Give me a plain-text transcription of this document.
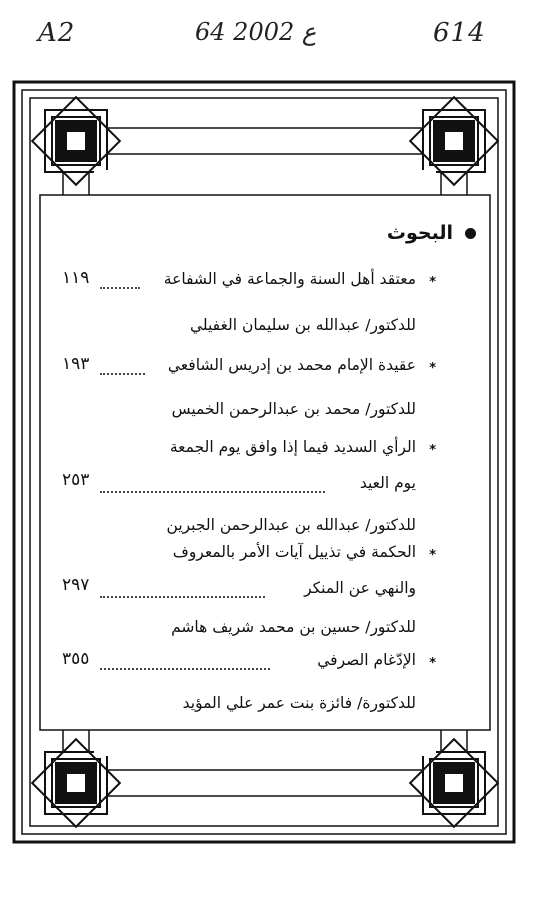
A2	64 ع 2002	614
البحوث
*
معتقد أهل السنة والجماعة في الشفاعة
١١٩
للدكتور/ عبدالله بن سليمان الغفيلي
*
عقيدة الإمام محمد بن إدريس الشافعي
١٩٣
للدكتور/ محمد بن عبدالرحمن الخميس
*
الرأي السديد فيما إذا وافق يوم الجمعة
يوم العيد
٢٥٣
للدكتور/ عبدالله بن عبدالرحمن الجبرين
*
الحكمة في تذييل آيات الأمر بالمعروف
والنهي عن المنكر
٢٩٧
للدكتور/ حسين بن محمد شريف هاشم
*
الإدّغام الصرفي
٣٥٥
للدكتورة/ فائزة بنت عمر علي المؤيد
